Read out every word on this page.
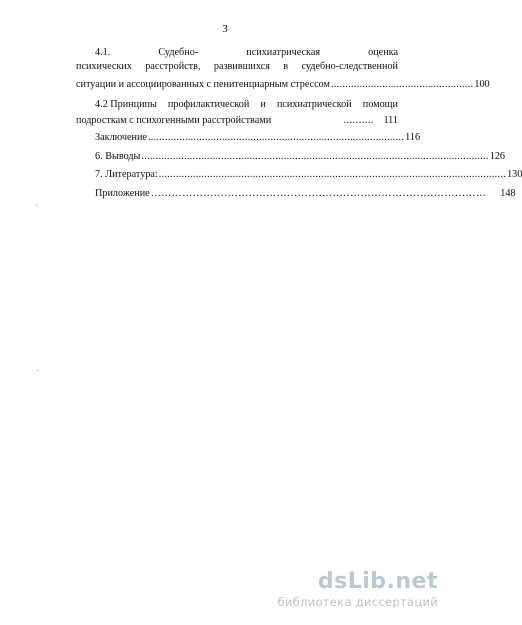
3
4.1.	Судебно-	психиатрическая	оценка
психических расстройств, развившихся в судебно-следственной
ситуации и ассоциированных с пенитенциарным стрессом .................................................. 100
4.2 Принципы профилактической и психиатрической помощи
подросткам с психогенными расстройствами	.......... 111
Заключение .......................................................................................... 116
6. Выводы .......................................................................................................................... 126
7. Литература: .......................................................................................................................... 130
Приложение …………………………………………………………………………………… 148
dsLib.net
библиотека диссертаций
